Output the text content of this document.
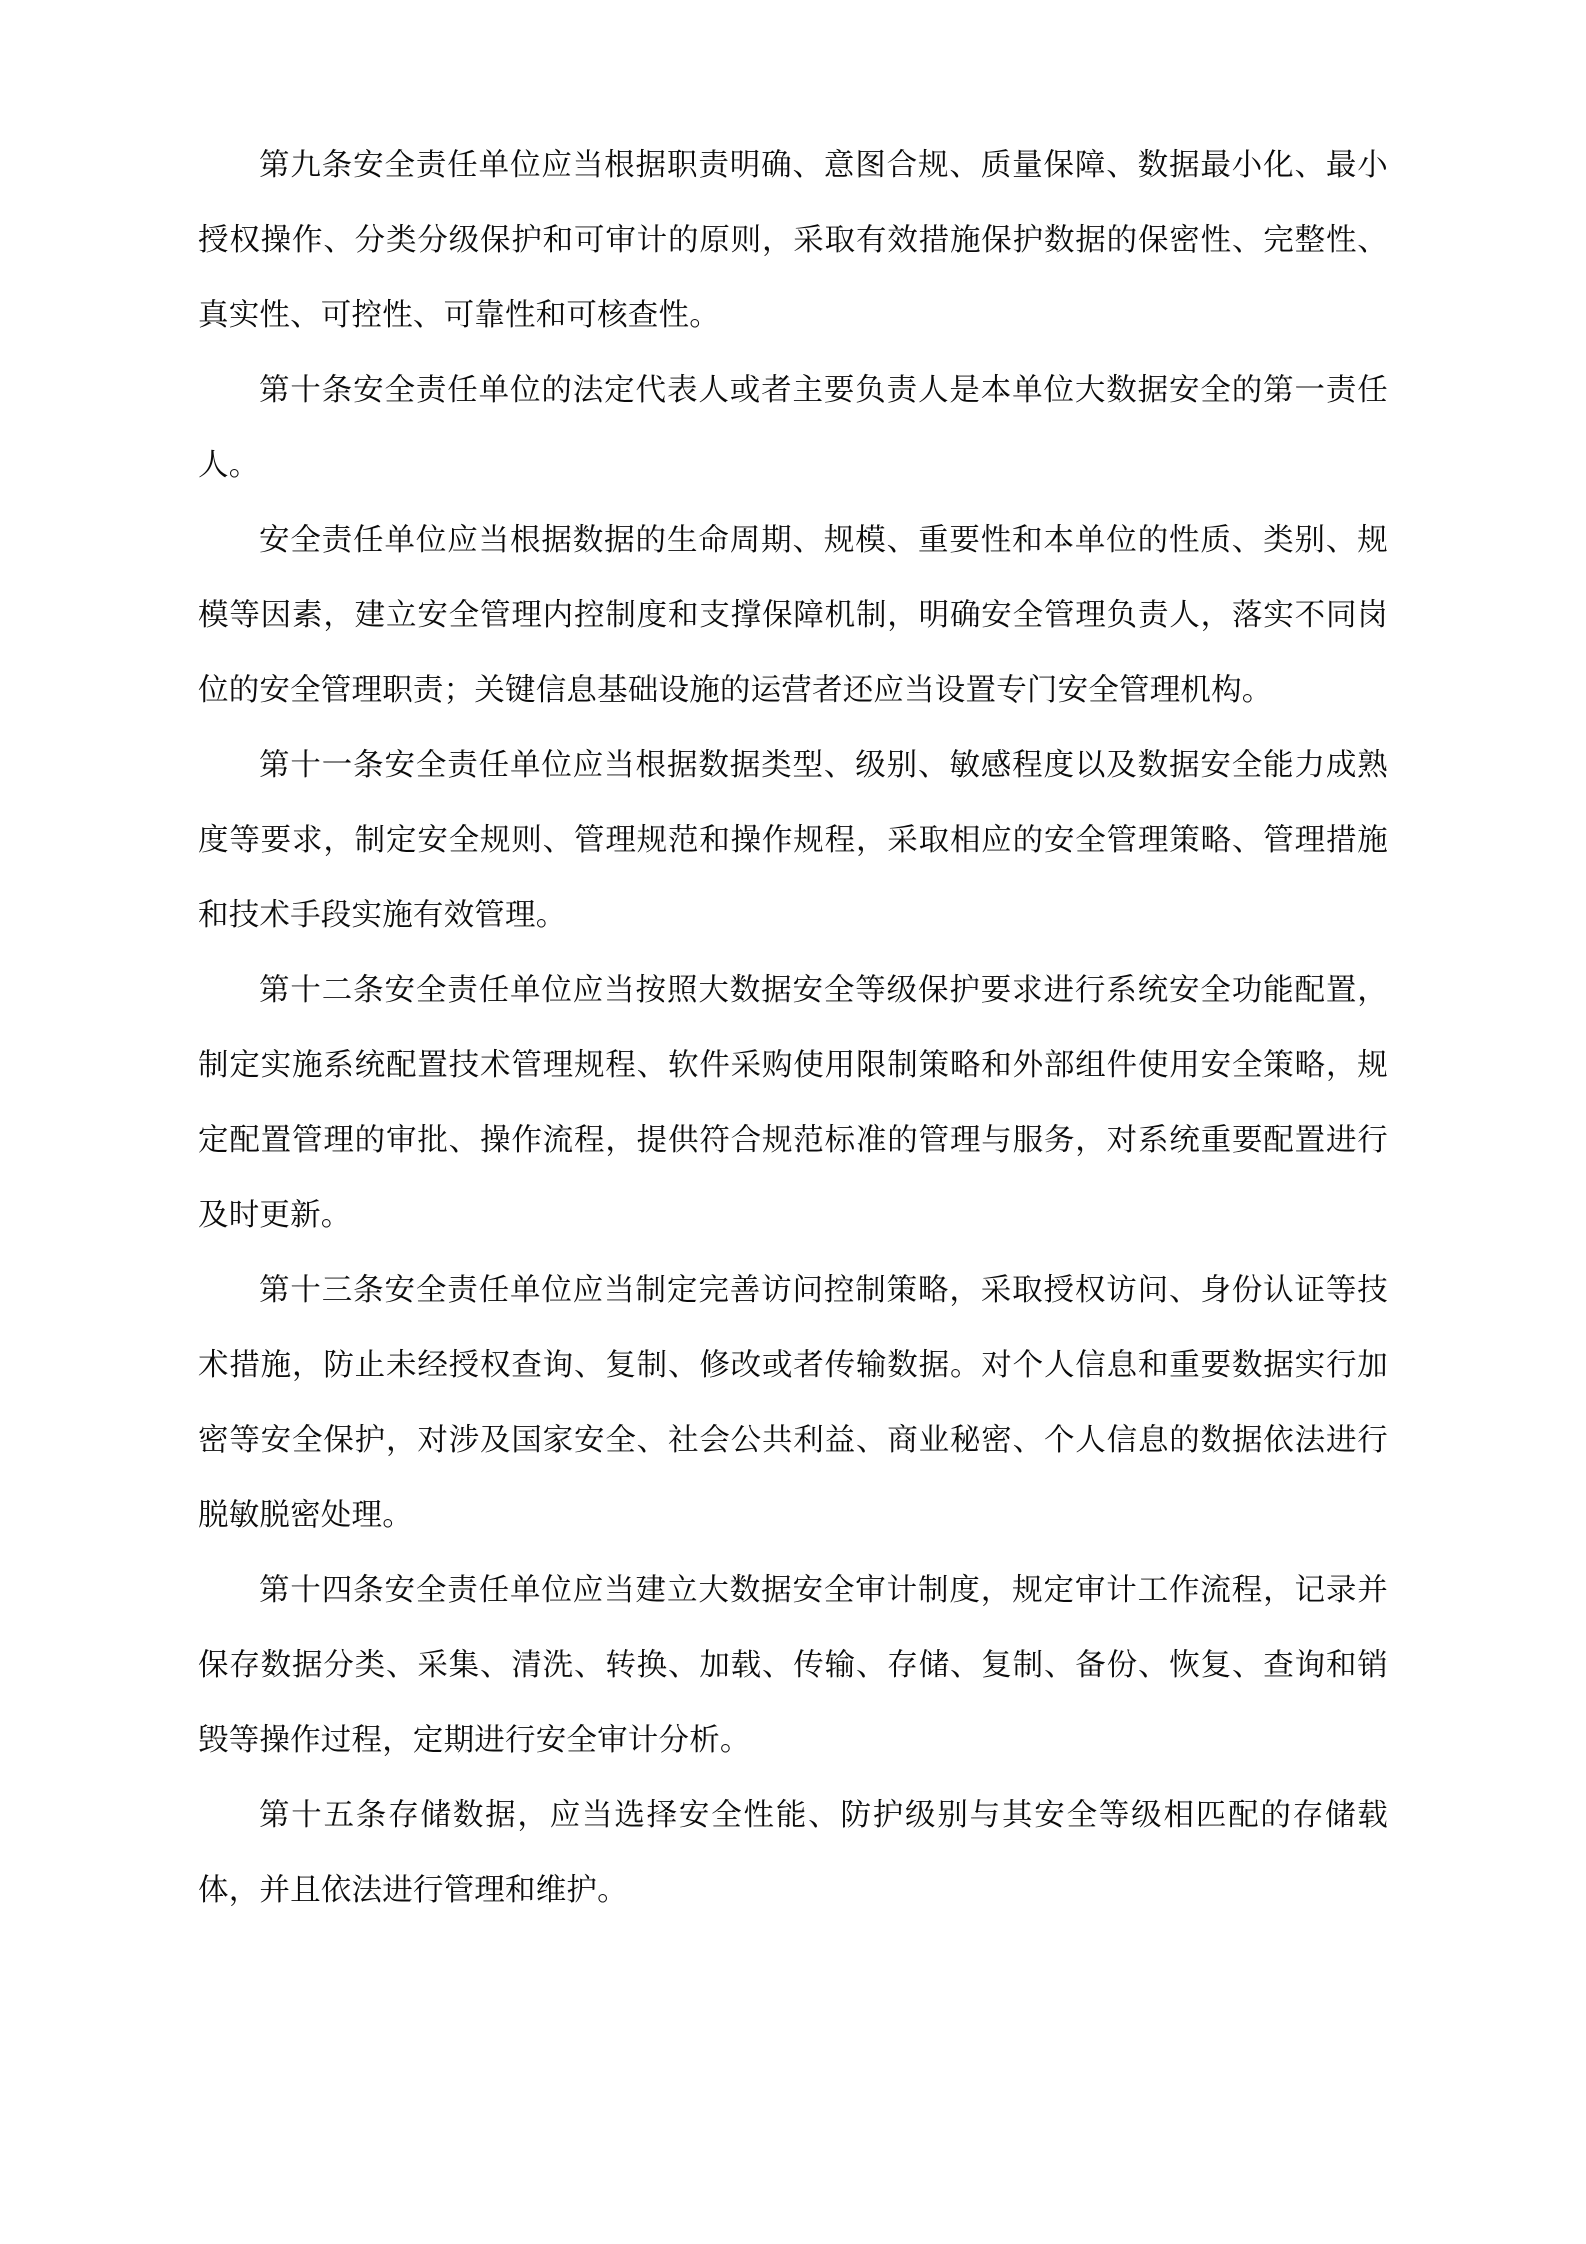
第九条安全责任单位应当根据职责明确、意图合规、质量保障、数据最小化、最小授权操作、分类分级保护和可审计的原则，采取有效措施保护数据的保密性、完整性、真实性、可控性、可靠性和可核查性。

第十条安全责任单位的法定代表人或者主要负责人是本单位大数据安全的第一责任人。

安全责任单位应当根据数据的生命周期、规模、重要性和本单位的性质、类别、规模等因素，建立安全管理内控制度和支撑保障机制，明确安全管理负责人，落实不同岗位的安全管理职责；关键信息基础设施的运营者还应当设置专门安全管理机构。

第十一条安全责任单位应当根据数据类型、级别、敏感程度以及数据安全能力成熟度等要求，制定安全规则、管理规范和操作规程，采取相应的安全管理策略、管理措施和技术手段实施有效管理。

第十二条安全责任单位应当按照大数据安全等级保护要求进行系统安全功能配置，制定实施系统配置技术管理规程、软件采购使用限制策略和外部组件使用安全策略，规定配置管理的审批、操作流程，提供符合规范标准的管理与服务，对系统重要配置进行及时更新。

第十三条安全责任单位应当制定完善访问控制策略，采取授权访问、身份认证等技术措施，防止未经授权查询、复制、修改或者传输数据。对个人信息和重要数据实行加密等安全保护，对涉及国家安全、社会公共利益、商业秘密、个人信息的数据依法进行脱敏脱密处理。

第十四条安全责任单位应当建立大数据安全审计制度，规定审计工作流程，记录并保存数据分类、采集、清洗、转换、加载、传输、存储、复制、备份、恢复、查询和销毁等操作过程，定期进行安全审计分析。

第十五条存储数据，应当选择安全性能、防护级别与其安全等级相匹配的存储载体，并且依法进行管理和维护。
